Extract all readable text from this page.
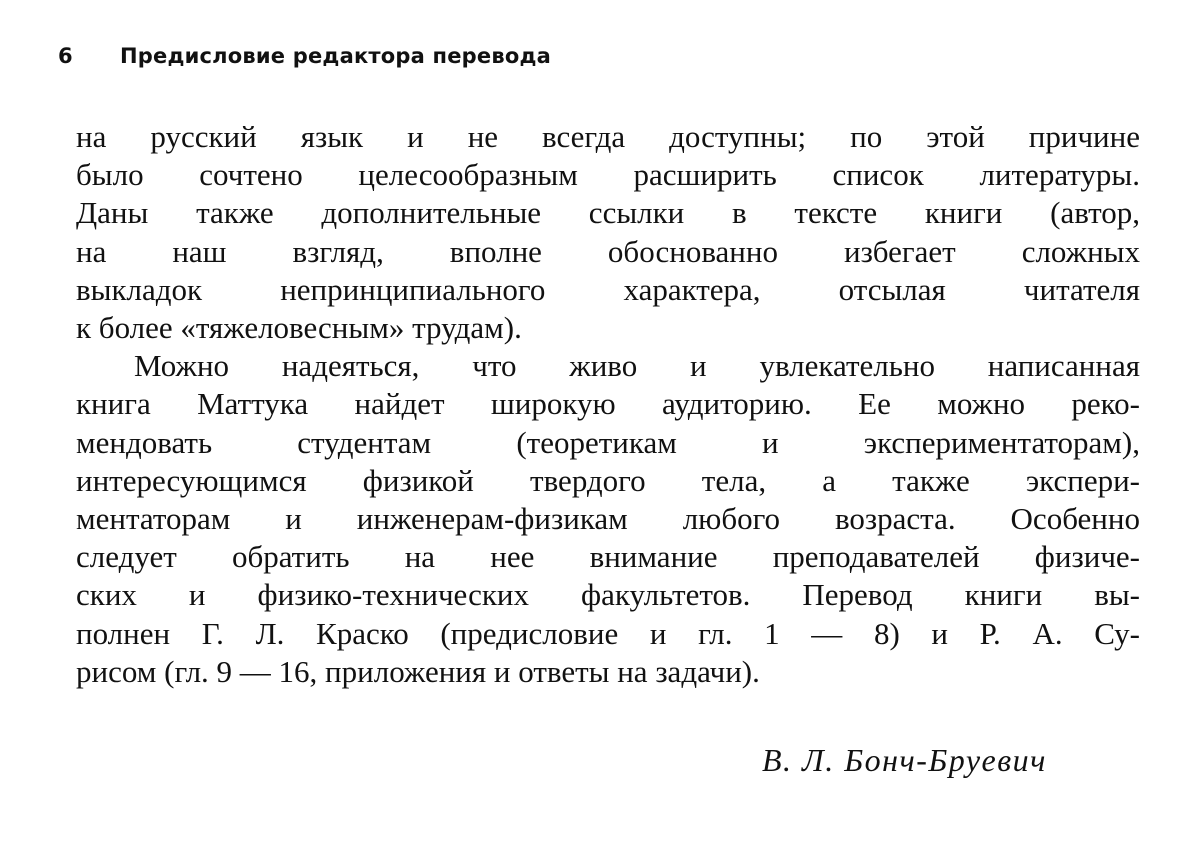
6 Предисловие редактора перевода
на русский язык и не всегда доступны; по этой причине
было сочтено целесообразным расширить список литературы.
Даны также дополнительные ссылки в тексте книги (автор,
на наш взгляд, вполне обоснованно избегает сложных
выкладок непринципиального характера, отсылая читателя
к более «тяжеловесным» трудам).
Можно надеяться, что живо и увлекательно написанная
книга Маттука найдет широкую аудиторию. Ее можно реко-
мендовать студентам (теоретикам и экспериментаторам),
интересующимся физикой твердого тела, а также экспери-
ментаторам и инженерам-физикам любого возраста. Особенно
следует обратить на нее внимание преподавателей физиче-
ских и физико-технических факультетов. Перевод книги вы-
полнен Г. Л. Краско (предисловие и гл. 1 — 8) и Р. А. Су-
рисом (гл. 9 — 16, приложения и ответы на задачи).
В. Л. Бонч-Бруевич
